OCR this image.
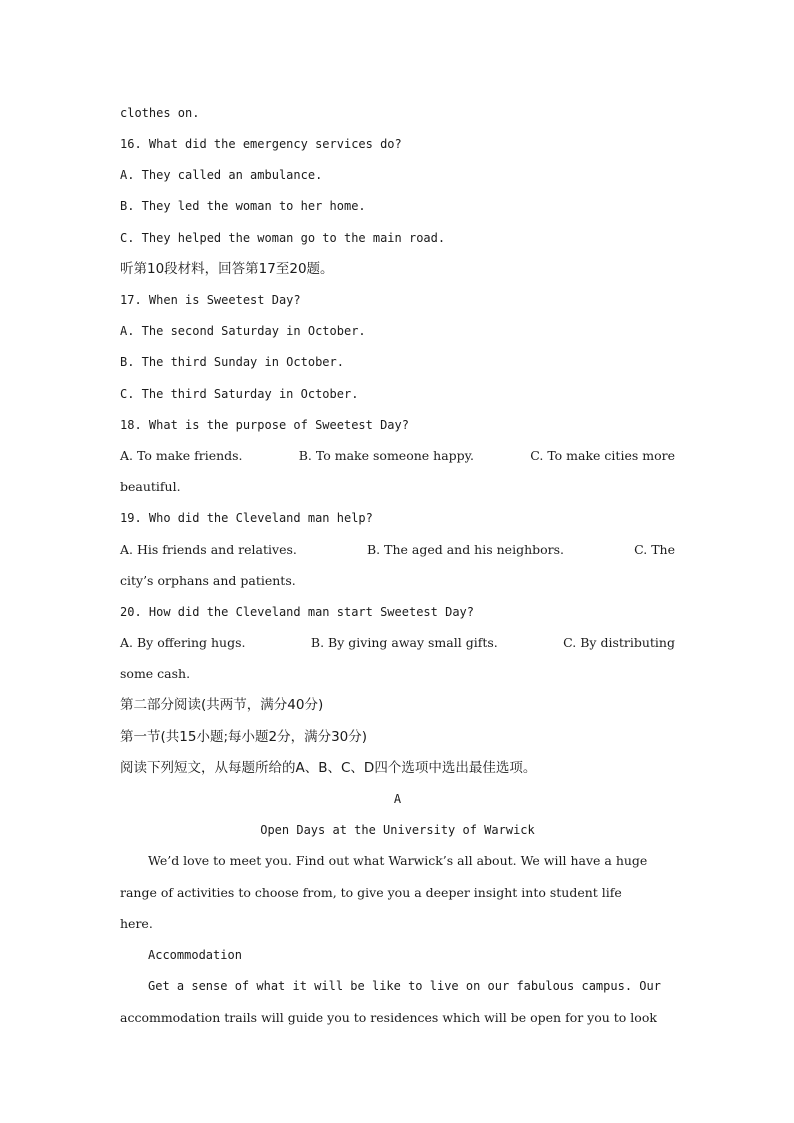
clothes on.
16. What did the emergency services do?
A. They called an ambulance.
B. They led the woman to her home.
C. They helped the woman go to the main road.
听第10段材料，回答第17至20题。
17. When is Sweetest Day?
A. The second Saturday in October.
B. The third Sunday in October.
C. The third Saturday in October.
18. What is the purpose of Sweetest Day?
A. To make friends.	B. To make someone happy.	C. To make cities more
beautiful.
19. Who did the Cleveland man help?
A. His friends and relatives.	B. The aged and his neighbors.	C. The
city’s orphans and patients.
20. How did the Cleveland man start Sweetest Day?
A. By offering hugs.	B. By giving away small gifts.	C. By distributing
some cash.
第二部分阅读(共两节，满分40分)
第一节(共15小题;每小题2分，满分30分)
阅读下列短文，从每题所给的A、B、C、D四个选项中选出最佳选项。
A
Open Days at the University of Warwick
We’d love to meet you. Find out what Warwick’s all about. We will have a huge
range of activities to choose from, to give you a deeper insight into student life
here.
Accommodation
Get a sense of what it will be like to live on our fabulous campus. Our
accommodation trails will guide you to residences which will be open for you to look
